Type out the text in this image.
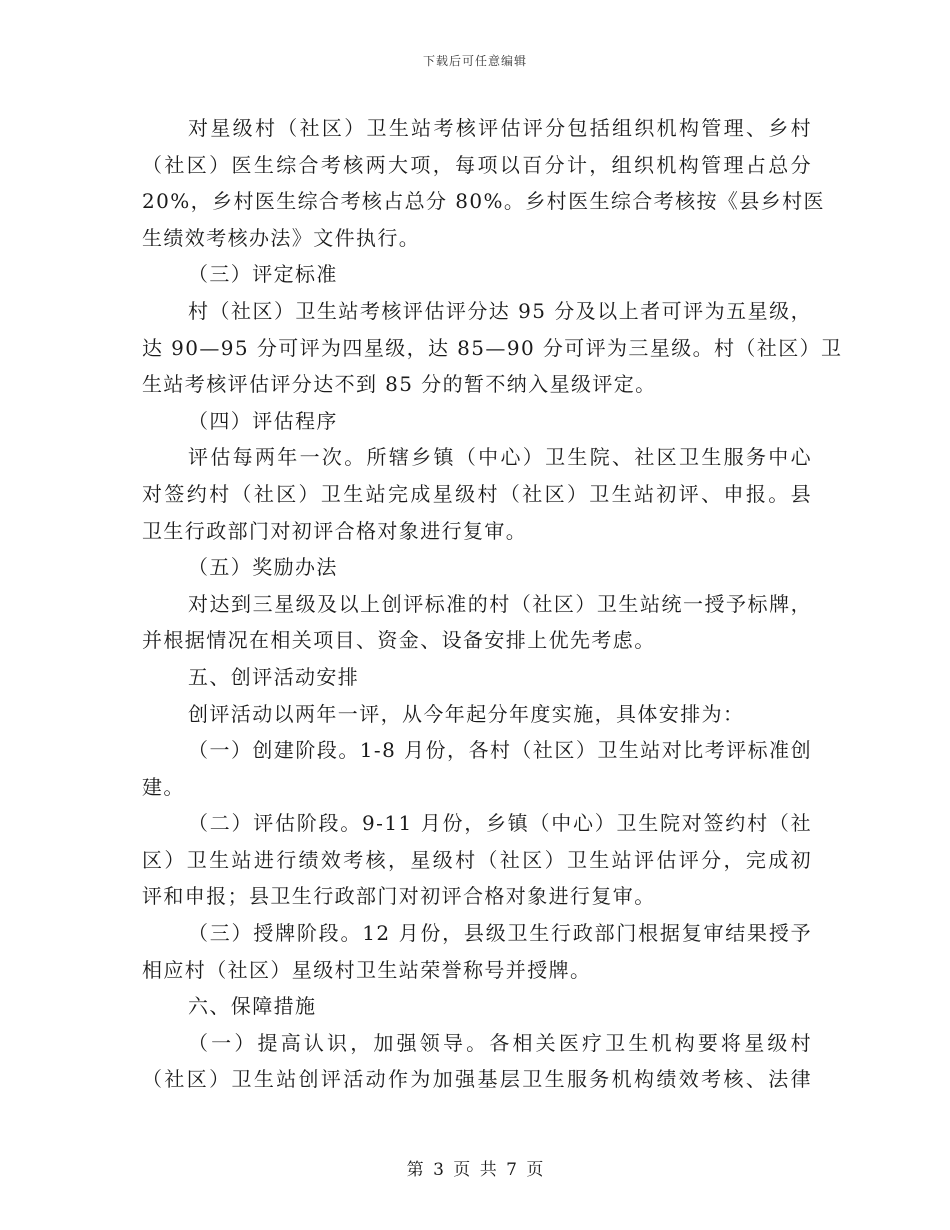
下载后可任意编辑
对星级村（社区）卫生站考核评估评分包括组织机构管理、乡村
（社区）医生综合考核两大项，每项以百分计，组织机构管理占总分
20%，乡村医生综合考核占总分 80%。乡村医生综合考核按《县乡村医
生绩效考核办法》文件执行。
（三）评定标准
村（社区）卫生站考核评估评分达 95 分及以上者可评为五星级，
达 90—95 分可评为四星级，达 85—90 分可评为三星级。村（社区）卫
生站考核评估评分达不到 85 分的暂不纳入星级评定。
（四）评估程序
评估每两年一次。所辖乡镇（中心）卫生院、社区卫生服务中心
对签约村（社区）卫生站完成星级村（社区）卫生站初评、申报。县
卫生行政部门对初评合格对象进行复审。
（五）奖励办法
对达到三星级及以上创评标准的村（社区）卫生站统一授予标牌，
并根据情况在相关项目、资金、设备安排上优先考虑。
五、创评活动安排
创评活动以两年一评，从今年起分年度实施，具体安排为：
（一）创建阶段。1-8 月份，各村（社区）卫生站对比考评标准创
建。
（二）评估阶段。9-11 月份，乡镇（中心）卫生院对签约村（社
区）卫生站进行绩效考核，星级村（社区）卫生站评估评分，完成初
评和申报；县卫生行政部门对初评合格对象进行复审。
（三）授牌阶段。12 月份，县级卫生行政部门根据复审结果授予
相应村（社区）星级村卫生站荣誉称号并授牌。
六、保障措施
（一）提高认识，加强领导。各相关医疗卫生机构要将星级村
（社区）卫生站创评活动作为加强基层卫生服务机构绩效考核、法律
第 3 页 共 7 页
